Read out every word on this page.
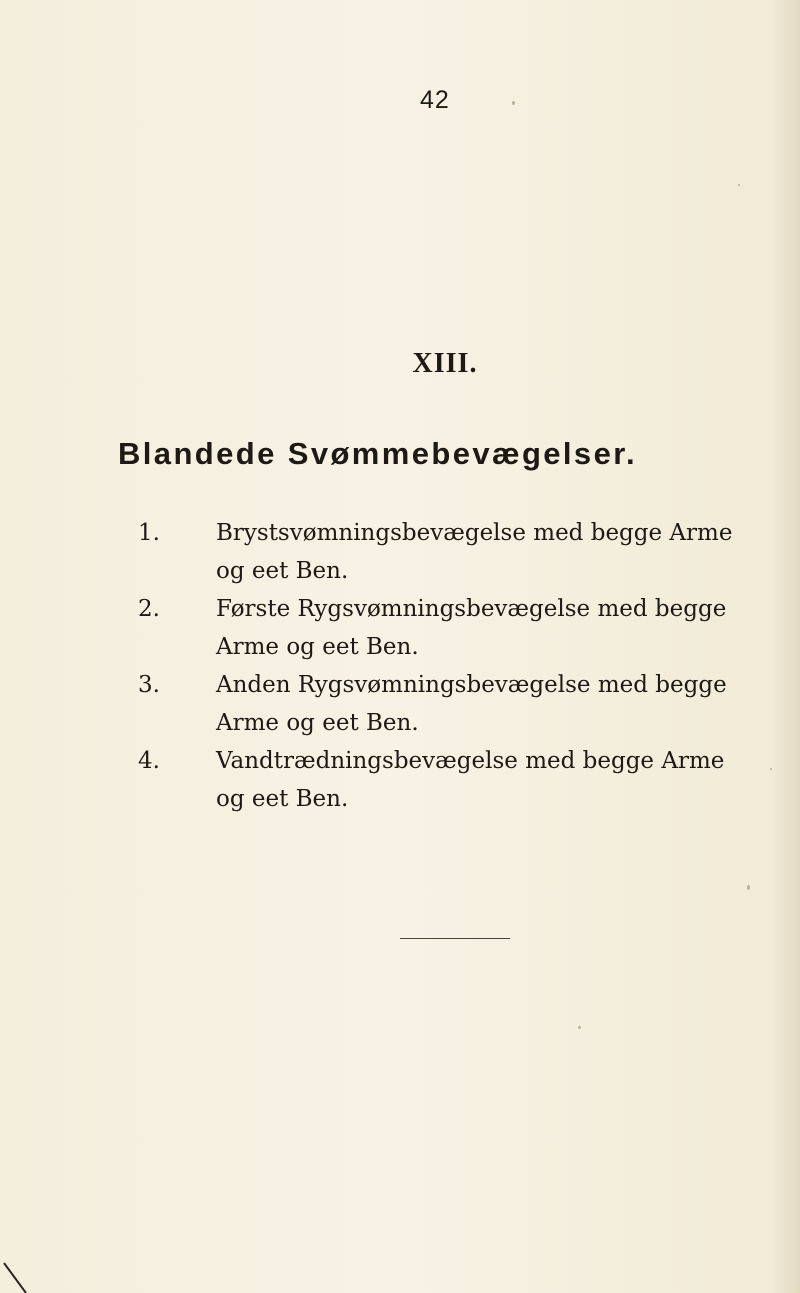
42
XIII.
Blandede Svømmebevægelser.
1. Brystsvømningsbevægelse med begge Arme og eet Ben.
2. Første Rygsvømningsbevægelse med begge Arme og eet Ben.
3. Anden Rygsvømningsbevægelse med begge Arme og eet Ben.
4. Vandtrædningsbevægelse med begge Arme og eet Ben.
